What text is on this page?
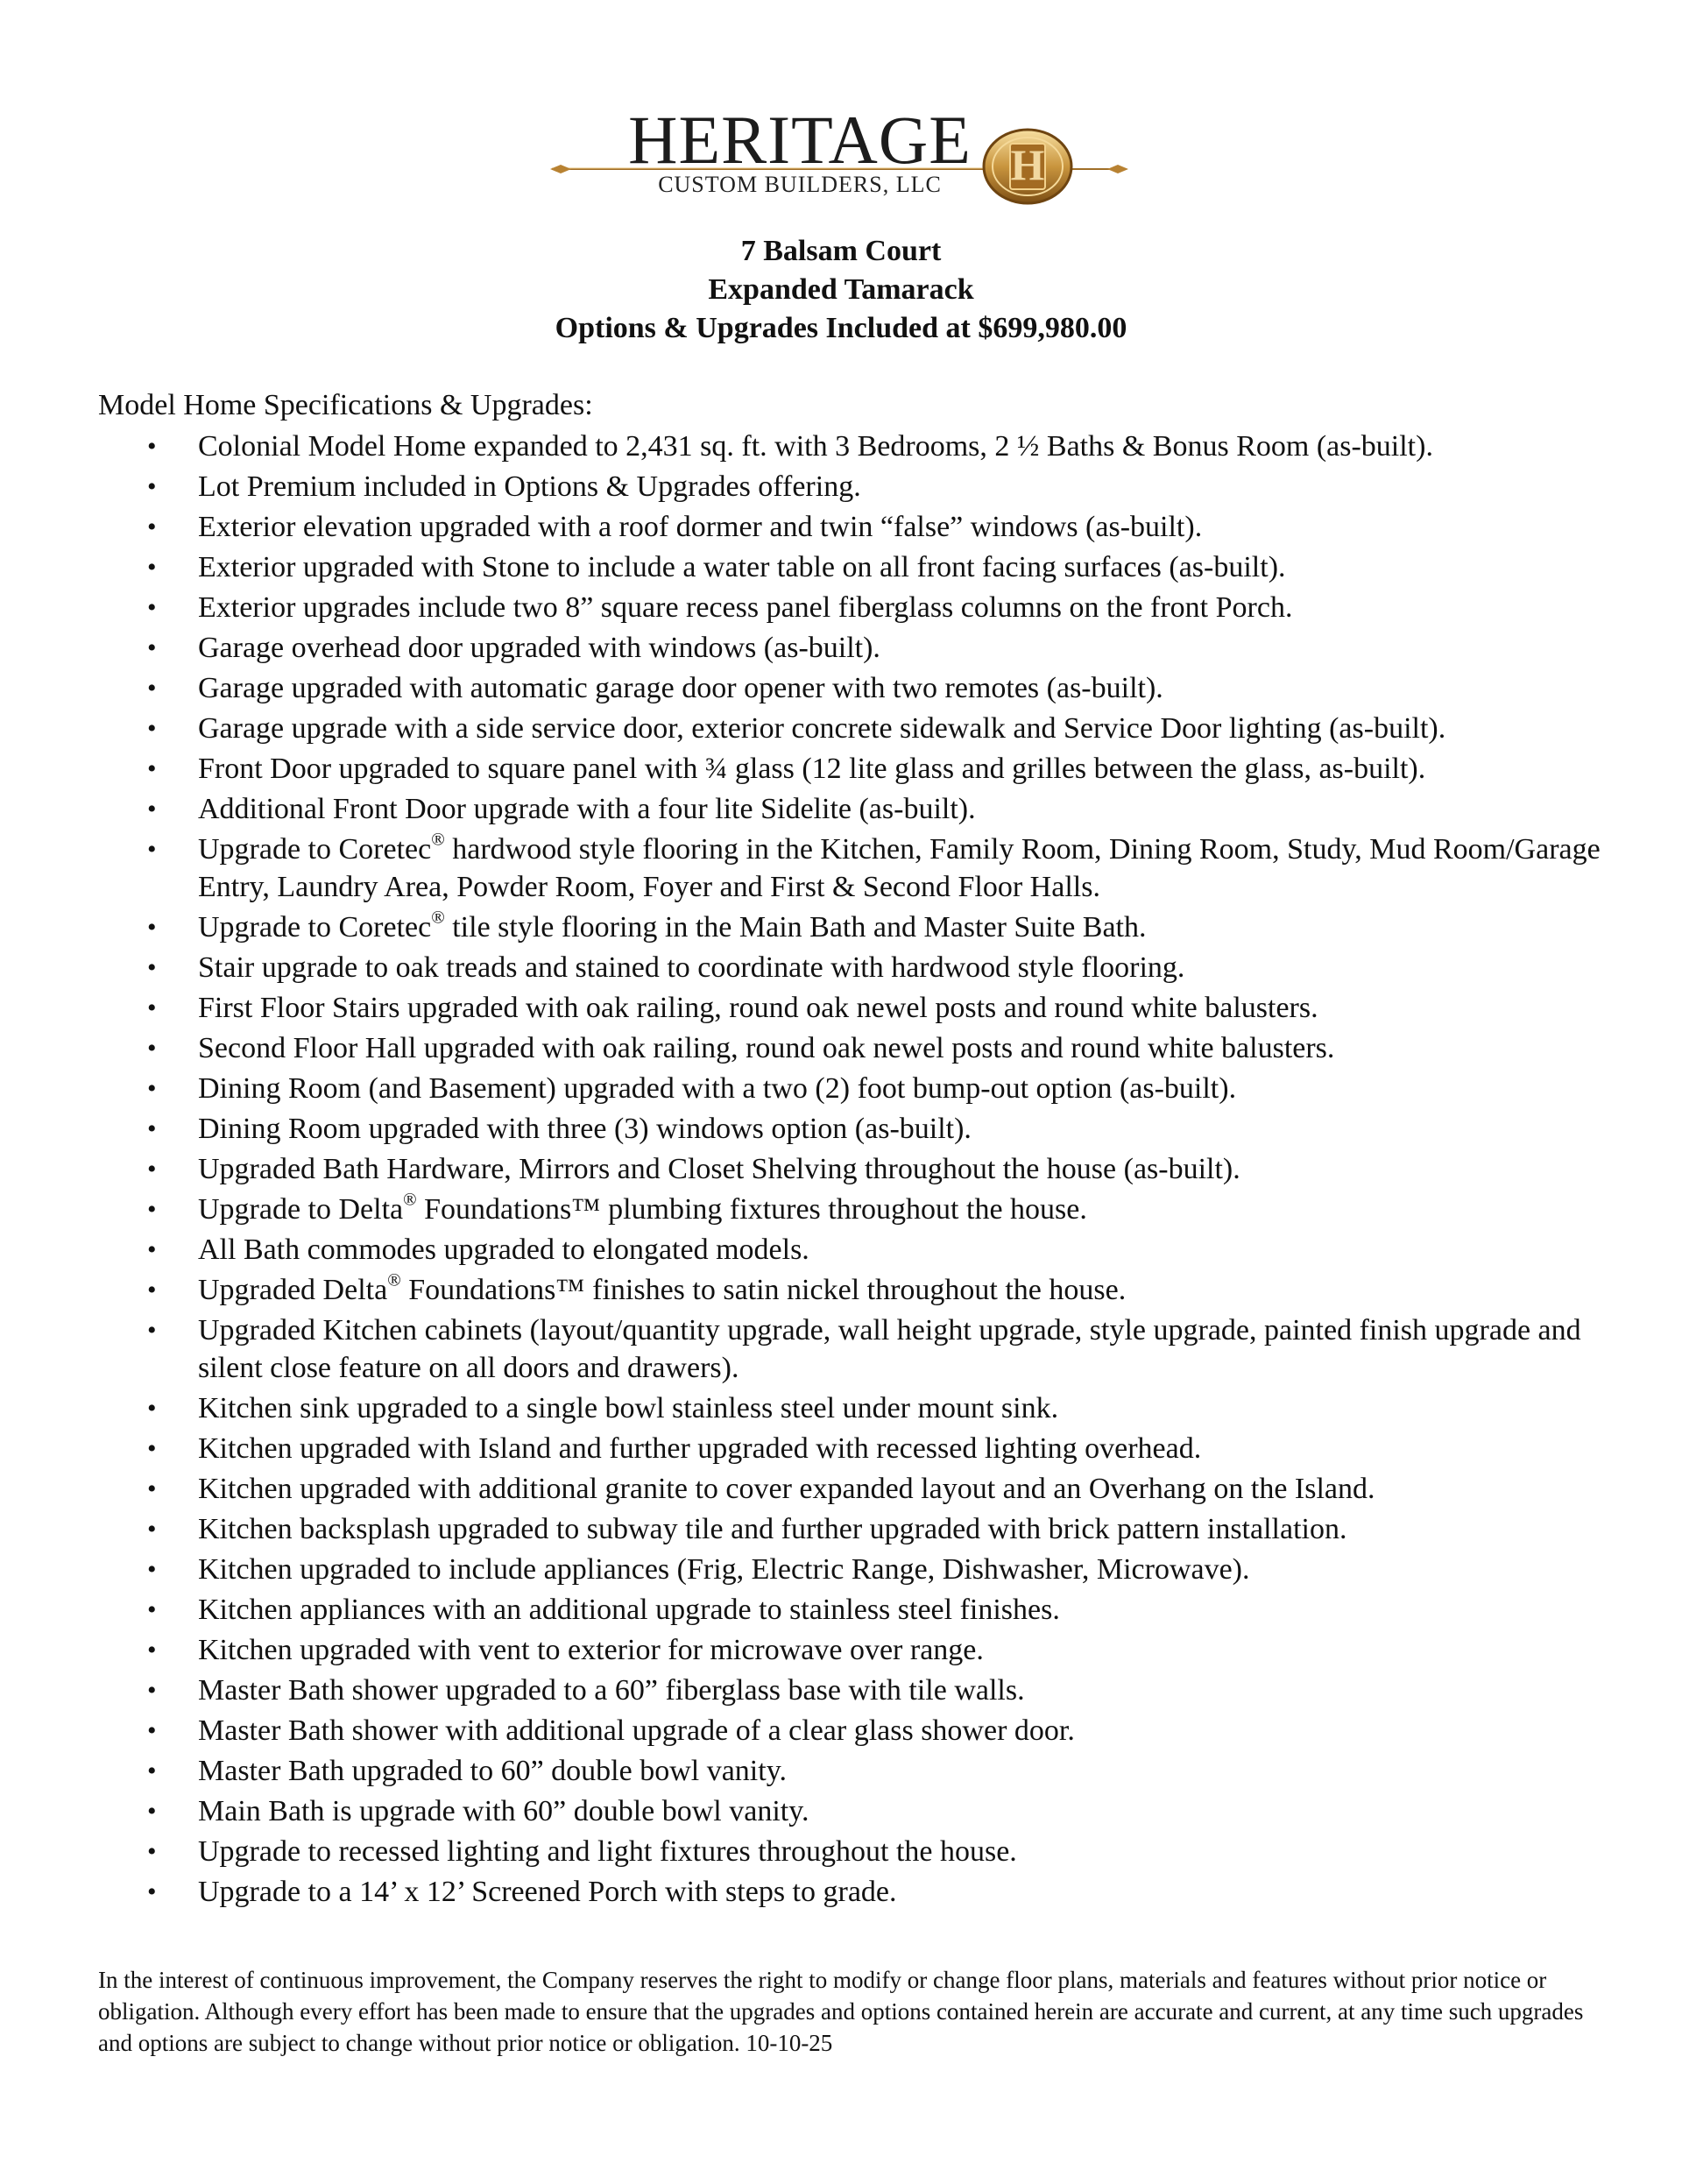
HERITAGE
CUSTOM BUILDERS, LLC	H
7 Balsam Court
Expanded Tamarack
Options & Upgrades Included at $699,980.00
Model Home Specifications & Upgrades:
• Colonial Model Home expanded to 2,431 sq. ft. with 3 Bedrooms, 2 ½ Baths & Bonus Room (as-built).
• Lot Premium included in Options & Upgrades offering.
• Exterior elevation upgraded with a roof dormer and twin “false” windows (as-built).
• Exterior upgraded with Stone to include a water table on all front facing surfaces (as-built).
• Exterior upgrades include two 8” square recess panel fiberglass columns on the front Porch.
• Garage overhead door upgraded with windows (as-built).
• Garage upgraded with automatic garage door opener with two remotes (as-built).
• Garage upgrade with a side service door, exterior concrete sidewalk and Service Door lighting (as-built).
• Front Door upgraded to square panel with ¾ glass (12 lite glass and grilles between the glass, as-built).
• Additional Front Door upgrade with a four lite Sidelite (as-built).
• Upgrade to Coretec® hardwood style flooring in the Kitchen, Family Room, Dining Room, Study, Mud Room/Garage Entry, Laundry Area, Powder Room, Foyer and First & Second Floor Halls.
• Upgrade to Coretec® tile style flooring in the Main Bath and Master Suite Bath.
• Stair upgrade to oak treads and stained to coordinate with hardwood style flooring.
• First Floor Stairs upgraded with oak railing, round oak newel posts and round white balusters.
• Second Floor Hall upgraded with oak railing, round oak newel posts and round white balusters.
• Dining Room (and Basement) upgraded with a two (2) foot bump-out option (as-built).
• Dining Room upgraded with three (3) windows option (as-built).
• Upgraded Bath Hardware, Mirrors and Closet Shelving throughout the house (as-built).
• Upgrade to Delta® Foundations™ plumbing fixtures throughout the house.
• All Bath commodes upgraded to elongated models.
• Upgraded Delta® Foundations™ finishes to satin nickel throughout the house.
• Upgraded Kitchen cabinets (layout/quantity upgrade, wall height upgrade, style upgrade, painted finish upgrade and silent close feature on all doors and drawers).
• Kitchen sink upgraded to a single bowl stainless steel under mount sink.
• Kitchen upgraded with Island and further upgraded with recessed lighting overhead.
• Kitchen upgraded with additional granite to cover expanded layout and an Overhang on the Island.
• Kitchen backsplash upgraded to subway tile and further upgraded with brick pattern installation.
• Kitchen upgraded to include appliances (Frig, Electric Range, Dishwasher, Microwave).
• Kitchen appliances with an additional upgrade to stainless steel finishes.
• Kitchen upgraded with vent to exterior for microwave over range.
• Master Bath shower upgraded to a 60” fiberglass base with tile walls.
• Master Bath shower with additional upgrade of a clear glass shower door.
• Master Bath upgraded to 60” double bowl vanity.
• Main Bath is upgrade with 60” double bowl vanity.
• Upgrade to recessed lighting and light fixtures throughout the house.
• Upgrade to a 14’ x 12’ Screened Porch with steps to grade.
In the interest of continuous improvement, the Company reserves the right to modify or change floor plans, materials and features without prior notice or obligation. Although every effort has been made to ensure that the upgrades and options contained herein are accurate and current, at any time such upgrades and options are subject to change without prior notice or obligation. 10-10-25
